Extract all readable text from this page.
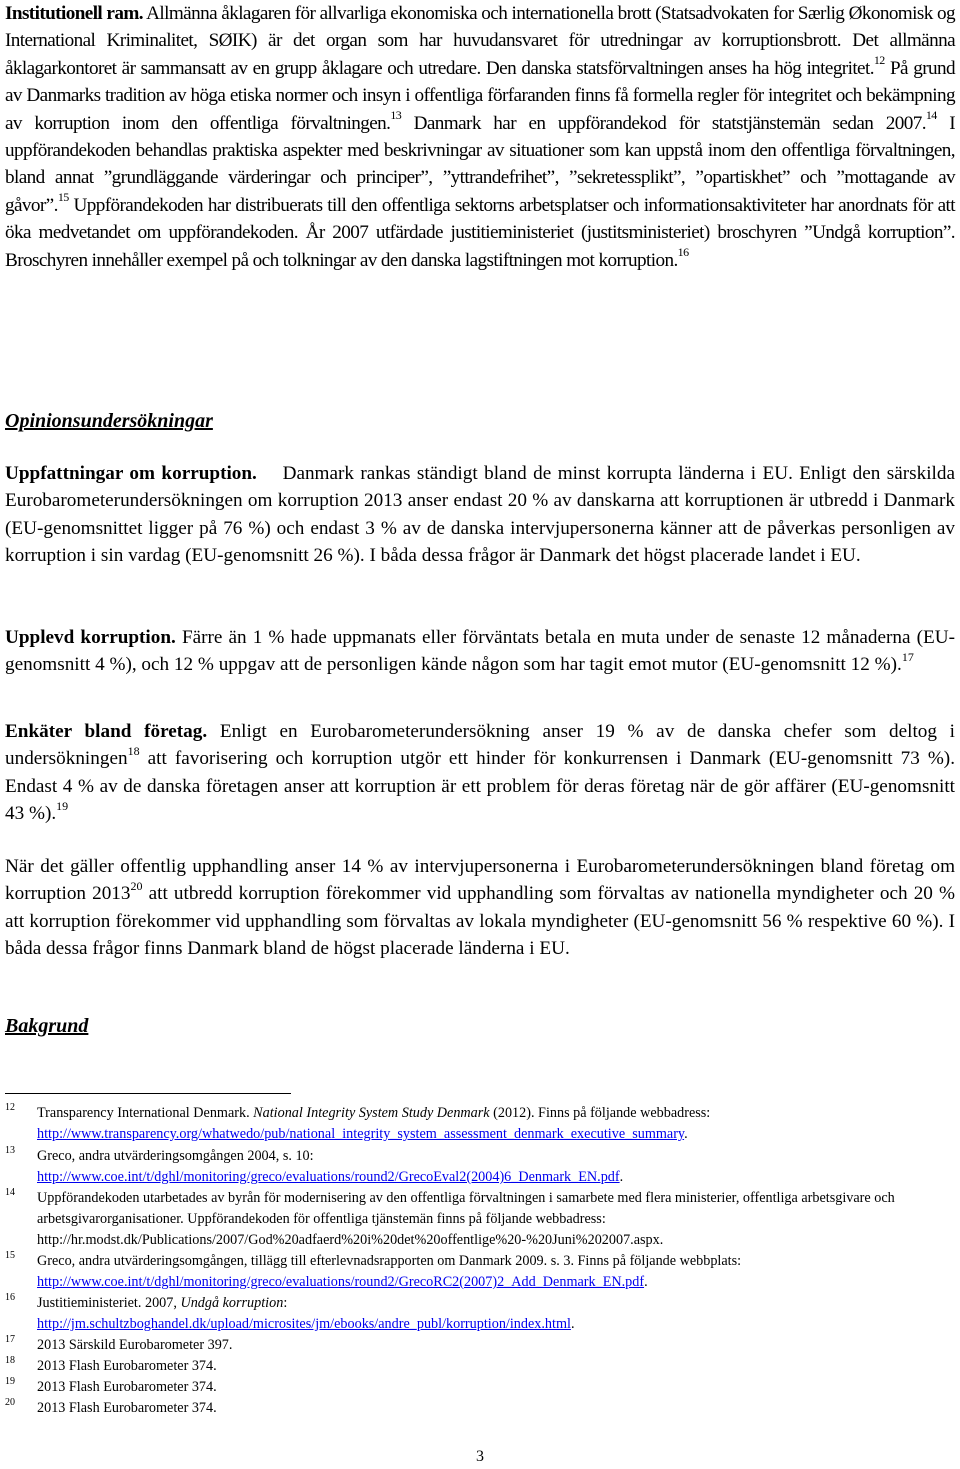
Institutionell ram. Allmänna åklagaren för allvarliga ekonomiska och internationella brott (Statsadvokaten for Særlig Økonomisk og International Kriminalitet, SØIK) är det organ som har huvudansvaret för utredningar av korruptionsbrott. Det allmänna åklagarkontoret är sammansatt av en grupp åklagare och utredare. Den danska statsförvaltningen anses ha hög integritet.$^{12}$ På grund av Danmarks tradition av höga etiska normer och insyn i offentliga förfaranden finns få formella regler för integritet och bekämpning av korruption inom den offentliga förvaltningen.$^{13}$ Danmark har en uppförandekod för statstjänstemän sedan 2007.14 I uppförandekoden behandlas praktiska aspekter med beskrivningar av situationer som kan uppstå inom den offentliga förvaltningen, bland annat ”grundläggande värderingar och principer”, ”yttrandefrihet”, ”sekretessplikt”, ”opartiskhet” och ”mottagande av gåvor”.$^{15}$ Uppförandekoden har distribuerats till den offentliga sektorns arbetsplatser och informationsaktiviteter har anordnats för att öka medvetandet om uppförandekoden. År 2007 utfärdade justitieministeriet (justitsministeriet) broschyren ”Undgå korruption”. Broschyren innehåller exempel på och tolkningar av den danska lagstiftningen mot korruption.$^{16}$

Opinionsundersökningar

Uppfattningar om korruption.    Danmark rankas ständigt bland de minst korrupta länderna i EU. Enligt den särskilda Eurobarometerundersökningen om korruption 2013 anser endast 20 % av danskarna att korruptionen är utbredd i Danmark (EU-genomsnittet ligger på 76 %) och endast 3 % av de danska intervjupersonerna känner att de påverkas personligen av korruption i sin vardag (EU-genomsnitt 26 %). I båda dessa frågor är Danmark det högst placerade landet i EU.

Upplevd korruption. Färre än 1 % hade uppmanats eller förväntats betala en muta under de senaste 12 månaderna (EU-genomsnitt 4 %), och 12 % uppgav att de personligen kände någon som har tagit emot mutor (EU-genomsnitt 12 %).$^{17}$

Enkäter bland företag. Enligt en Eurobarometerundersökning anser 19 % av de danska chefer som deltog i undersökningen$^{18}$ att favorisering och korruption utgör ett hinder för konkurrensen i Danmark (EU-genomsnitt 73 %). Endast 4 % av de danska företagen anser att korruption är ett problem för deras företag när de gör affärer (EU-genomsnitt 43 %).$^{19}$

När det gäller offentlig upphandling anser 14 % av intervjupersonerna i Eurobarometerundersökningen bland företag om korruption 2013$^{20}$ att utbredd korruption förekommer vid upphandling som förvaltas av nationella myndigheter och 20 % att korruption förekommer vid upphandling som förvaltas av lokala myndigheter (EU-genomsnitt 56 % respektive 60 %). I båda dessa frågor finns Danmark bland de högst placerade länderna i EU.

Bakgrund
12 Transparency International Denmark. National Integrity System Study Denmark (2012). Finns på följande webbadress:
http://www.transparency.org/whatwedo/pub/national_integrity_system_assessment_denmark_executive_summary.
13 Greco, andra utvärderingsomgången 2004, s. 10:
http://www.coe.int/t/dghl/monitoring/greco/evaluations/round2/GrecoEval2(2004)6_Denmark_EN.pdf.
14 Uppförandekoden utarbetades av byrån för modernisering av den offentliga förvaltningen i samarbete med flera ministerier, offentliga arbetsgivare och arbetsgivarorganisationer. Uppförandekoden för offentliga tjänstemän finns på följande webbadress: http://hr.modst.dk/Publications/2007/God%20adfaerd%20i%20det%20offentlige%20-%20Juni%202007.aspx.
15 Greco, andra utvärderingsomgången, tillägg till efterlevnadsrapporten om Danmark 2009. s. 3. Finns på följande webbplats:
http://www.coe.int/t/dghl/monitoring/greco/evaluations/round2/GrecoRC2(2007)2_Add_Denmark_EN.pdf.
16 Justitieministeriet. 2007, Undgå korruption:
http://jm.schultzboghandel.dk/upload/microsites/jm/ebooks/andre_publ/korruption/index.html.
17 2013 Särskild Eurobarometer 397.
18 2013 Flash Eurobarometer 374.
19 2013 Flash Eurobarometer 374.
20 2013 Flash Eurobarometer 374.
3
